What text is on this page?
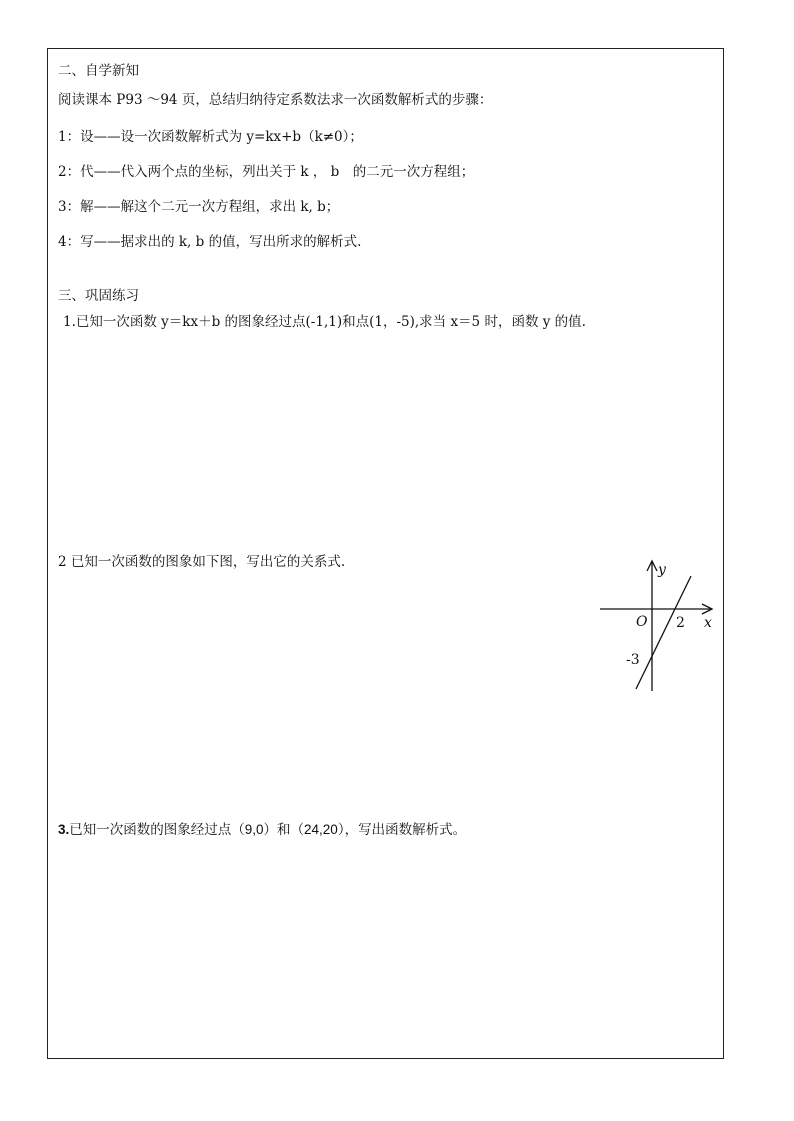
二、自学新知
阅读课本 P93 ～94 页，总结归纳待定系数法求一次函数解析式的步骤：
1：设——设一次函数解析式为 y=kx+b（k≠0）；
2：代——代入两个点的坐标，列出关于 k ， b　的二元一次方程组；
3：解——解这个二元一次方程组，求出 k, b；
4：写——据求出的 k, b 的值，写出所求的解析式.
三、巩固练习
1.已知一次函数 y＝kx＋b 的图象经过点(-1,1)和点(1，-5),求当 x＝5 时，函数 y 的值.
2 已知一次函数的图象如下图，写出它的关系式.	y
x
O 2
-3
3.已知一次函数的图象经过点（9,0）和（24,20），写出函数解析式。
